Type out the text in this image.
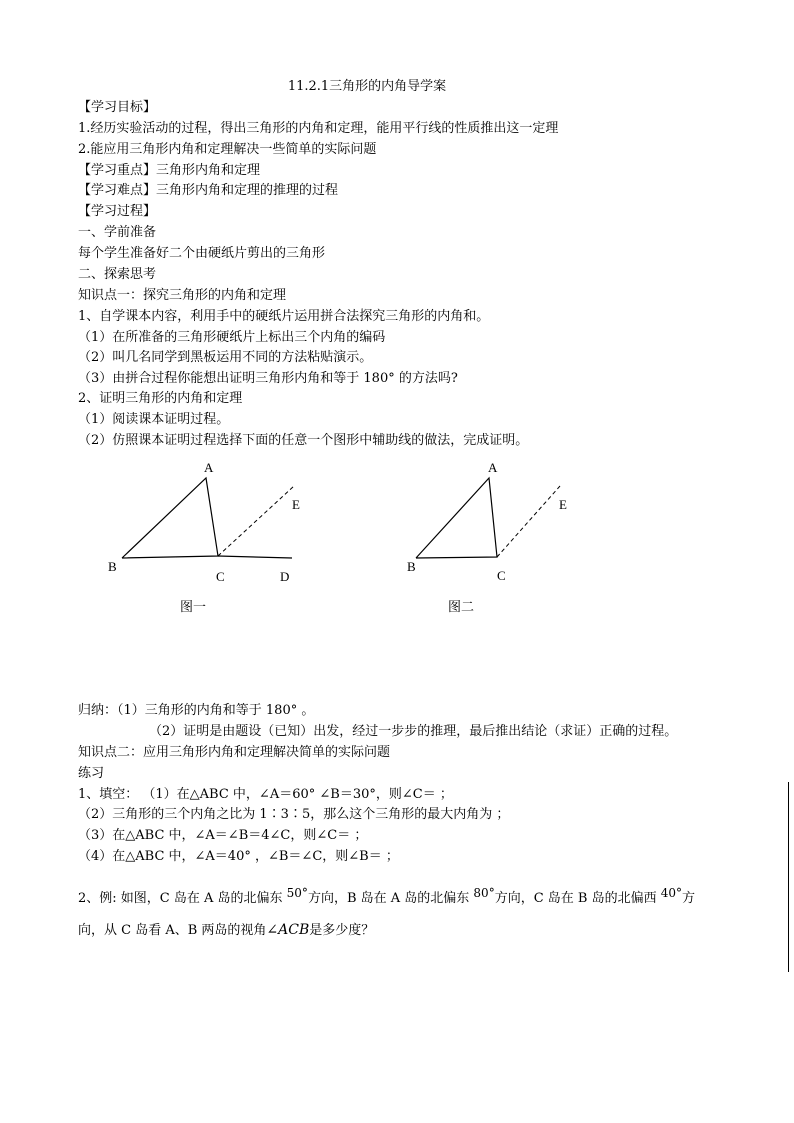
11.2.1三角形的内角导学案
【学习目标】
1.经历实验活动的过程，得出三角形的内角和定理，能用平行线的性质推出这一定理
2.能应用三角形内角和定理解决一些简单的实际问题
【学习重点】三角形内角和定理
【学习难点】三角形内角和定理的推理的过程
【学习过程】
一、学前准备
每个学生准备好二个由硬纸片剪出的三角形
二、探索思考
知识点一：探究三角形的内角和定理
1、自学课本内容，利用手中的硬纸片运用拼合法探究三角形的内角和。
（1）在所准备的三角形硬纸片上标出三个内角的编码
（2）叫几名同学到黑板运用不同的方法粘贴演示。
（3）由拼合过程你能想出证明三角形内角和等于 180° 的方法吗?
2、证明三角形的内角和定理
（1）阅读课本证明过程。
（2）仿照课本证明过程选择下面的任意一个图形中辅助线的做法，完成证明。
A
B
C	D
E
图一
A
B
C
E
图二
归纳：（1）三角形的内角和等于 180° 。
（2）证明是由题设（已知）出发，经过一步步的推理，最后推出结论（求证）正确的过程。
知识点二：应用三角形内角和定理解决简单的实际问题
练习
1、填空： （1）在△ABC 中，∠A＝60° ∠B＝30°，则∠C＝ ；
（2）三角形的三个内角之比为 1∶3∶5，那么这个三角形的最大内角为 ；
（3）在△ABC 中，∠A＝∠B＝4∠C，则∠C＝ ；
（4）在△ABC 中，∠A＝40° ，∠B＝∠C，则∠B＝ ；
2、例: 如图，C 岛在 A 岛的北偏东 $^{50^\circ}$方向，B 岛在 A 岛的北偏东 $^{80^\circ}$方向，C 岛在 B 岛的北偏西 $^{40^\circ}$方
向，从 C 岛看 A、B 两岛的视角∠ACB是多少度？
